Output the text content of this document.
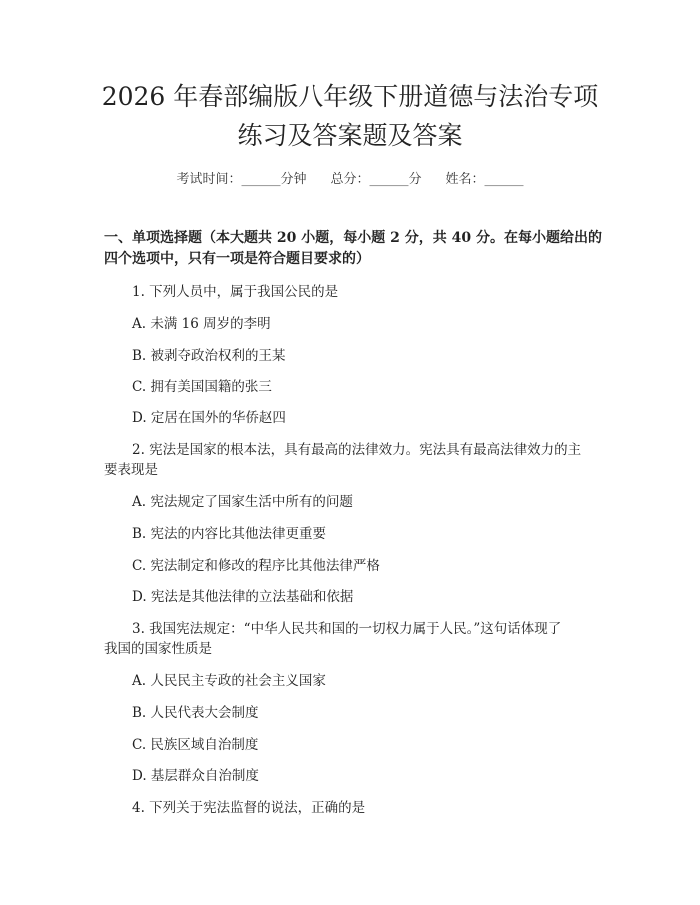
2026 年春部编版八年级下册道德与法治专项
练习及答案题及答案
考试时间：______分钟 总分：______分 姓名：______

一、单项选择题（本大题共 20 小题，每小题 2 分，共 40 分。在每小题给出的四个选项中，只有一项是符合题目要求的）

1. 下列人员中，属于我国公民的是
A. 未满 16 周岁的李明
B. 被剥夺政治权利的王某
C. 拥有美国国籍的张三
D. 定居在国外的华侨赵四
2. 宪法是国家的根本法，具有最高的法律效力。宪法具有最高法律效力的主
要表现是
A. 宪法规定了国家生活中所有的问题
B. 宪法的内容比其他法律更重要
C. 宪法制定和修改的程序比其他法律严格
D. 宪法是其他法律的立法基础和依据
3. 我国宪法规定：“中华人民共和国的一切权力属于人民。”这句话体现了
我国的国家性质是
A. 人民民主专政的社会主义国家
B. 人民代表大会制度
C. 民族区域自治制度
D. 基层群众自治制度
4. 下列关于宪法监督的说法，正确的是
